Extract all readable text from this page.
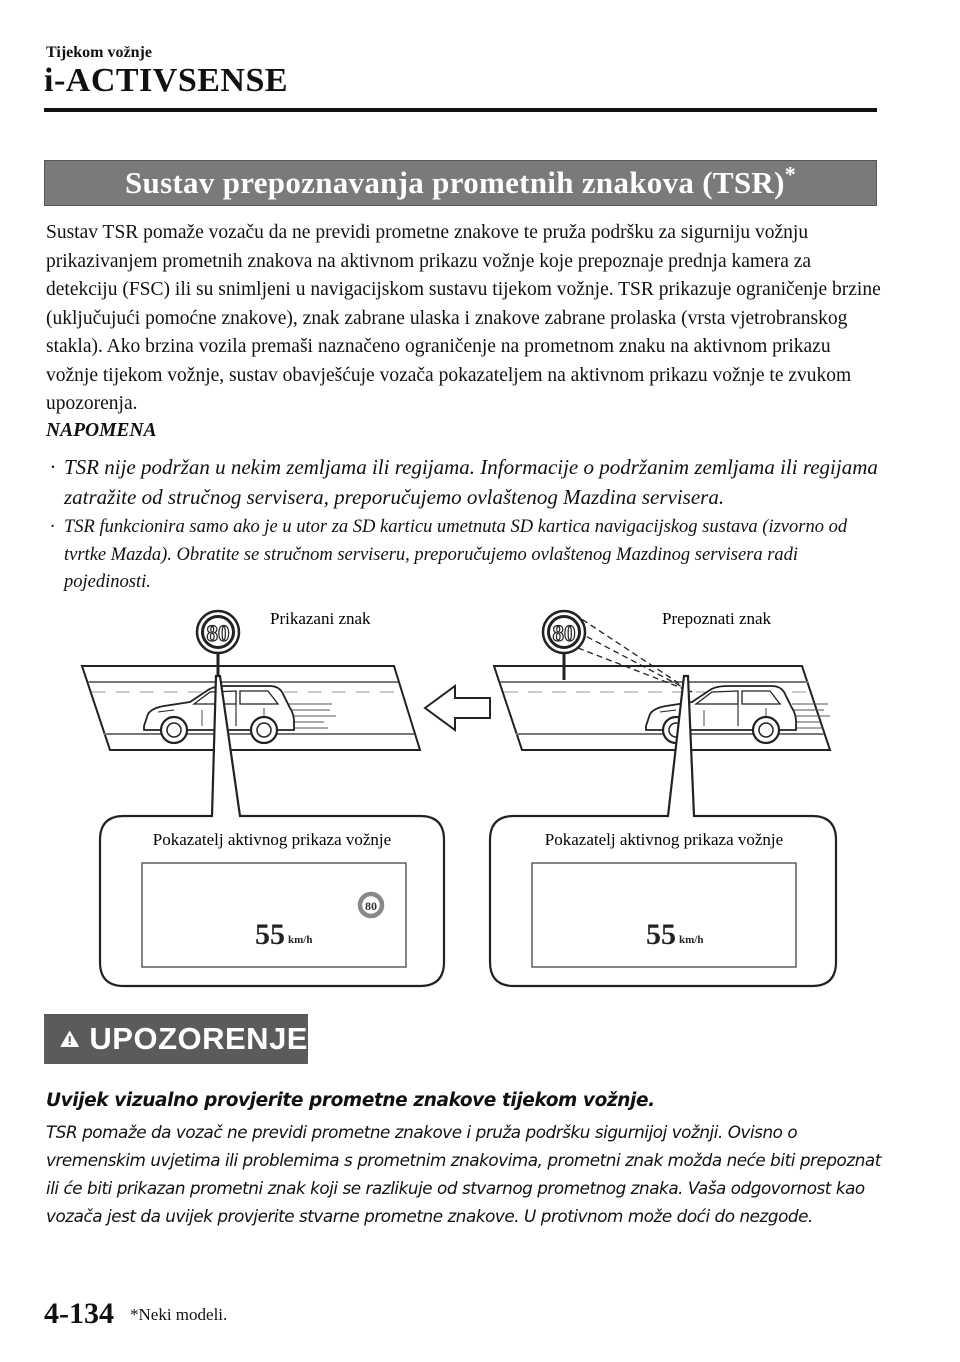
Tijekom vožnje
i-ACTIVSENSE
Sustav prepoznavanja prometnih znakova (TSR)*
Sustav TSR pomaže vozaču da ne previdi prometne znakove te pruža podršku za sigurniju vožnju prikazivanjem prometnih znakova na aktivnom prikazu vožnje koje prepoznaje prednja kamera za detekciju (FSC) ili su snimljeni u navigacijskom sustavu tijekom vožnje. TSR prikazuje ograničenje brzine (uključujući pomoćne znakove), znak zabrane ulaska i znakove zabrane prolaska (vrsta vjetrobranskog stakla). Ako brzina vozila premaši naznačeno ograničenje na prometnom znaku na aktivnom prikazu vožnje tijekom vožnje, sustav obavješćuje vozača pokazateljem na aktivnom prikazu vožnje te zvukom upozorenja.
NAPOMENA
· TSR nije podržan u nekim zemljama ili regijama. Informacije o podržanim zemljama ili regijama zatražite od stručnog servisera, preporučujemo ovlaštenog Mazdina servisera.
· TSR funkcionira samo ako je u utor za SD karticu umetnuta SD kartica navigacijskog sustava (izvorno od tvrtke Mazda). Obratite se stručnom serviseru, preporučujemo ovlaštenog Mazdinog servisera radi pojedinosti.
80
Prikazani znak
80
Prepoznati znak
Pokazatelj aktivnog prikaza vožnje
80
55 km/h
Pokazatelj aktivnog prikaza vožnje
55 km/h
UPOZORENJE
Uvijek vizualno provjerite prometne znakove tijekom vožnje.
TSR pomaže da vozač ne previdi prometne znakove i pruža podršku sigurnijoj vožnji. Ovisno o vremenskim uvjetima ili problemima s prometnim znakovima, prometni znak možda neće biti prepoznat ili će biti prikazan prometni znak koji se razlikuje od stvarnog prometnog znaka. Vaša odgovornost kao vozača jest da uvijek provjerite stvarne prometne znakove. U protivnom može doći do nezgode.
4-134 *Neki modeli.
